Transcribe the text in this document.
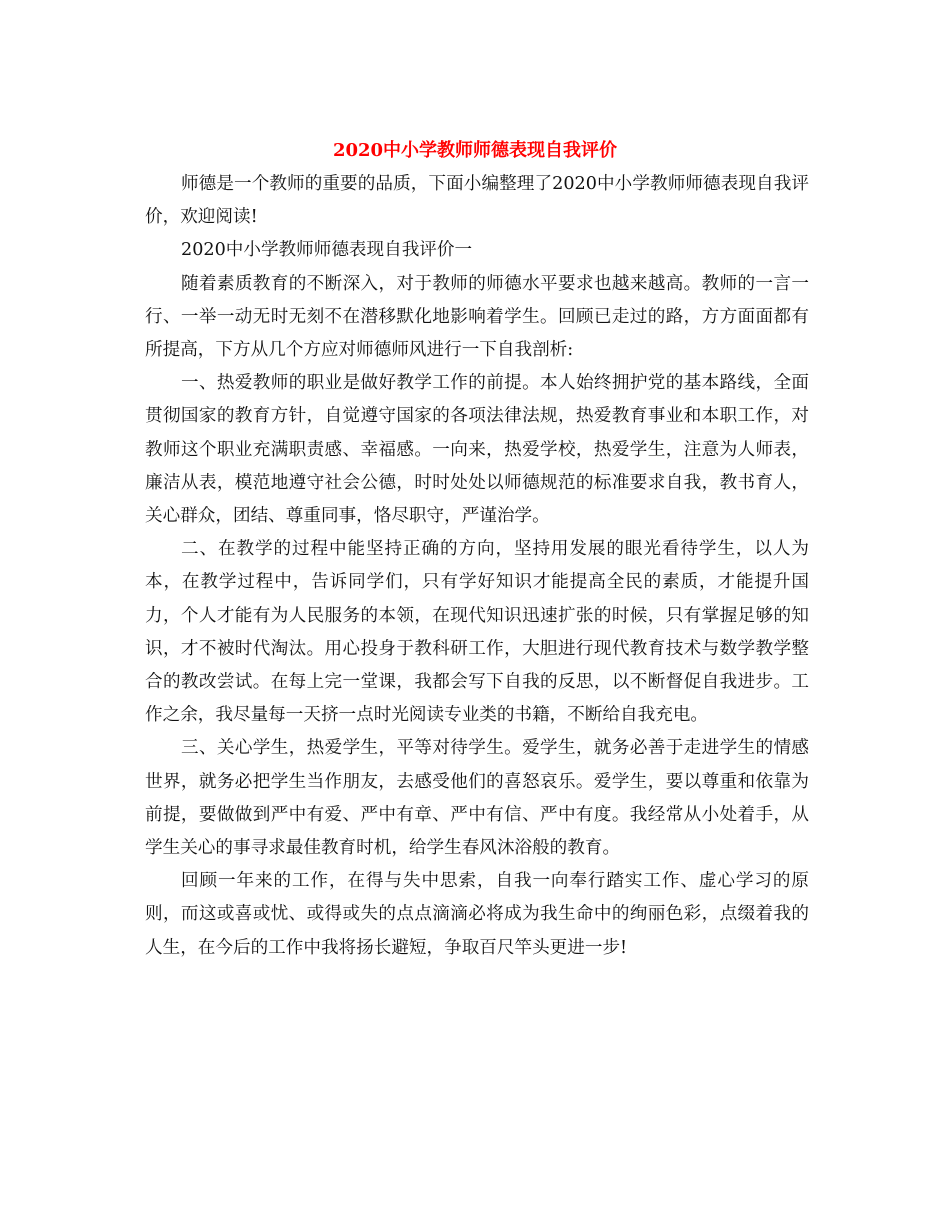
2020中小学教师师德表现自我评价

师德是一个教师的重要的品质，下面小编整理了2020中小学教师师德表现自我评价，欢迎阅读!

2020中小学教师师德表现自我评价一

随着素质教育的不断深入，对于教师的师德水平要求也越来越高。教师的一言一行、一举一动无时无刻不在潜移默化地影响着学生。回顾已走过的路，方方面面都有所提高，下方从几个方应对师德师风进行一下自我剖析:

一、热爱教师的职业是做好教学工作的前提。本人始终拥护党的基本路线，全面贯彻国家的教育方针，自觉遵守国家的各项法律法规，热爱教育事业和本职工作，对教师这个职业充满职责感、幸福感。一向来，热爱学校，热爱学生，注意为人师表，廉洁从表，模范地遵守社会公德，时时处处以师德规范的标准要求自我，教书育人，关心群众，团结、尊重同事，恪尽职守，严谨治学。

二、在教学的过程中能坚持正确的方向，坚持用发展的眼光看待学生，以人为本，在教学过程中，告诉同学们，只有学好知识才能提高全民的素质，才能提升国力，个人才能有为人民服务的本领，在现代知识迅速扩张的时候，只有掌握足够的知识，才不被时代淘汰。用心投身于教科研工作，大胆进行现代教育技术与数学教学整合的教改尝试。在每上完一堂课，我都会写下自我的反思，以不断督促自我进步。工作之余，我尽量每一天挤一点时光阅读专业类的书籍，不断给自我充电。

三、关心学生，热爱学生，平等对待学生。爱学生，就务必善于走进学生的情感世界，就务必把学生当作朋友，去感受他们的喜怒哀乐。爱学生，要以尊重和依靠为前提，要做做到严中有爱、严中有章、严中有信、严中有度。我经常从小处着手，从学生关心的事寻求最佳教育时机，给学生春风沐浴般的教育。

回顾一年来的工作，在得与失中思索，自我一向奉行踏实工作、虚心学习的原则，而这或喜或忧、或得或失的点点滴滴必将成为我生命中的绚丽色彩，点缀着我的人生，在今后的工作中我将扬长避短，争取百尺竿头更进一步!
